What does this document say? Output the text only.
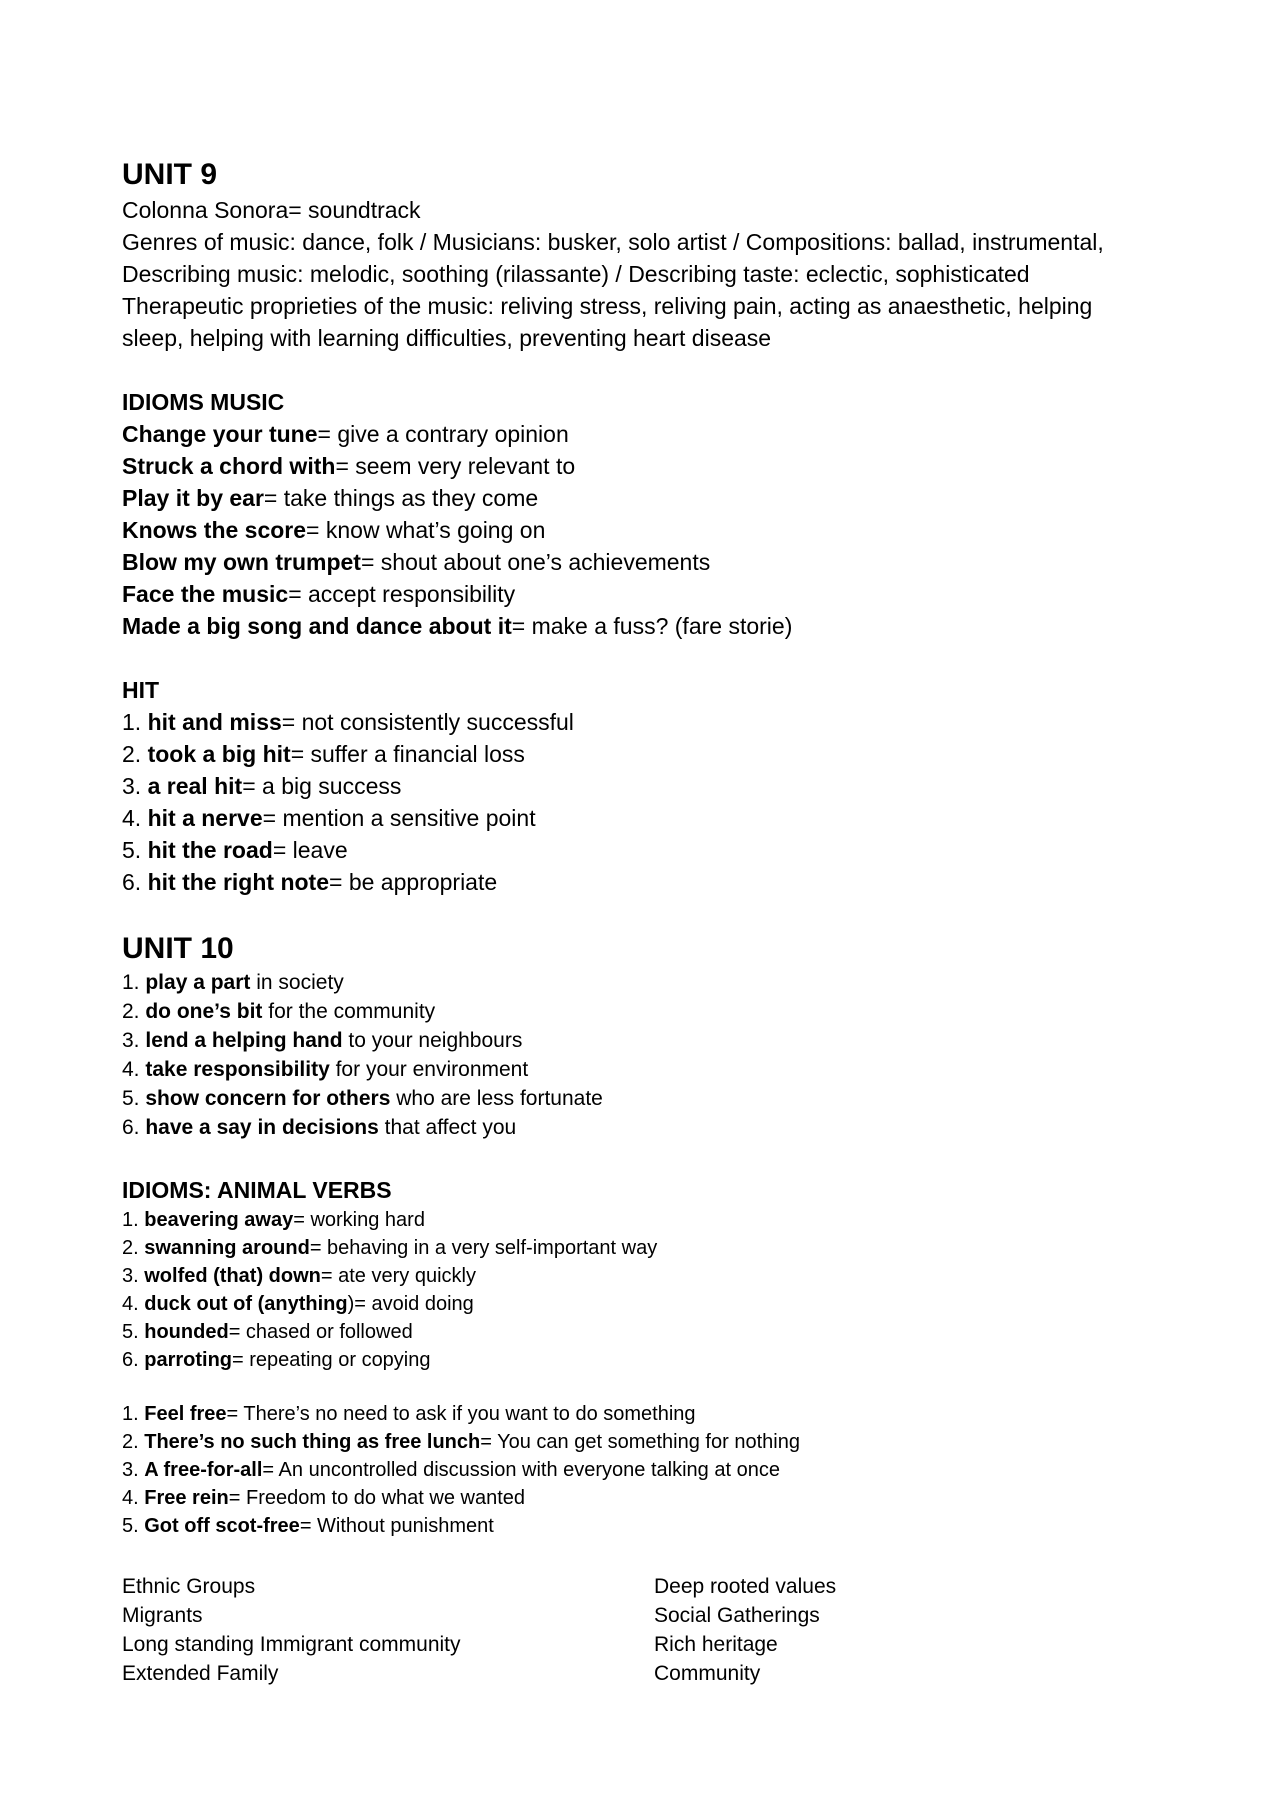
UNIT 9

Colonna Sonora= soundtrack

Genres of music: dance, folk / Musicians: busker, solo artist / Compositions: ballad, instrumental,

Describing music: melodic, soothing (rilassante) / Describing taste: eclectic, sophisticated

Therapeutic proprieties of the music: reliving stress, reliving pain, acting as anaesthetic, helping

sleep, helping with learning difficulties, preventing heart disease

IDIOMS MUSIC

Change your tune= give a contrary opinion

Struck a chord with= seem very relevant to

Play it by ear= take things as they come

Knows the score= know what’s going on

Blow my own trumpet= shout about one’s achievements

Face the music= accept responsibility

Made a big song and dance about it= make a fuss? (fare storie)

HIT

1. hit and miss= not consistently successful

2. took a big hit= suffer a financial loss

3. a real hit= a big success

4. hit a nerve= mention a sensitive point

5. hit the road= leave

6. hit the right note= be appropriate

UNIT 10

1. play a part in society

2. do one’s bit for the community

3. lend a helping hand to your neighbours

4. take responsibility for your environment

5. show concern for others who are less fortunate

6. have a say in decisions that affect you

IDIOMS: ANIMAL VERBS

1. beavering away= working hard

2. swanning around= behaving in a very self-important way

3. wolfed (that) down= ate very quickly

4. duck out of (anything)= avoid doing

5. hounded= chased or followed

6. parroting= repeating or copying

1. Feel free= There’s no need to ask if you want to do something

2. There’s no such thing as free lunch= You can get something for nothing

3. A free-for-all= An uncontrolled discussion with everyone talking at once

4. Free rein= Freedom to do what we wanted

5. Got off scot-free= Without punishment

Ethnic Groups

Migrants

Long standing Immigrant community

Extended Family

Deep rooted values

Social Gatherings

Rich heritage

Community
